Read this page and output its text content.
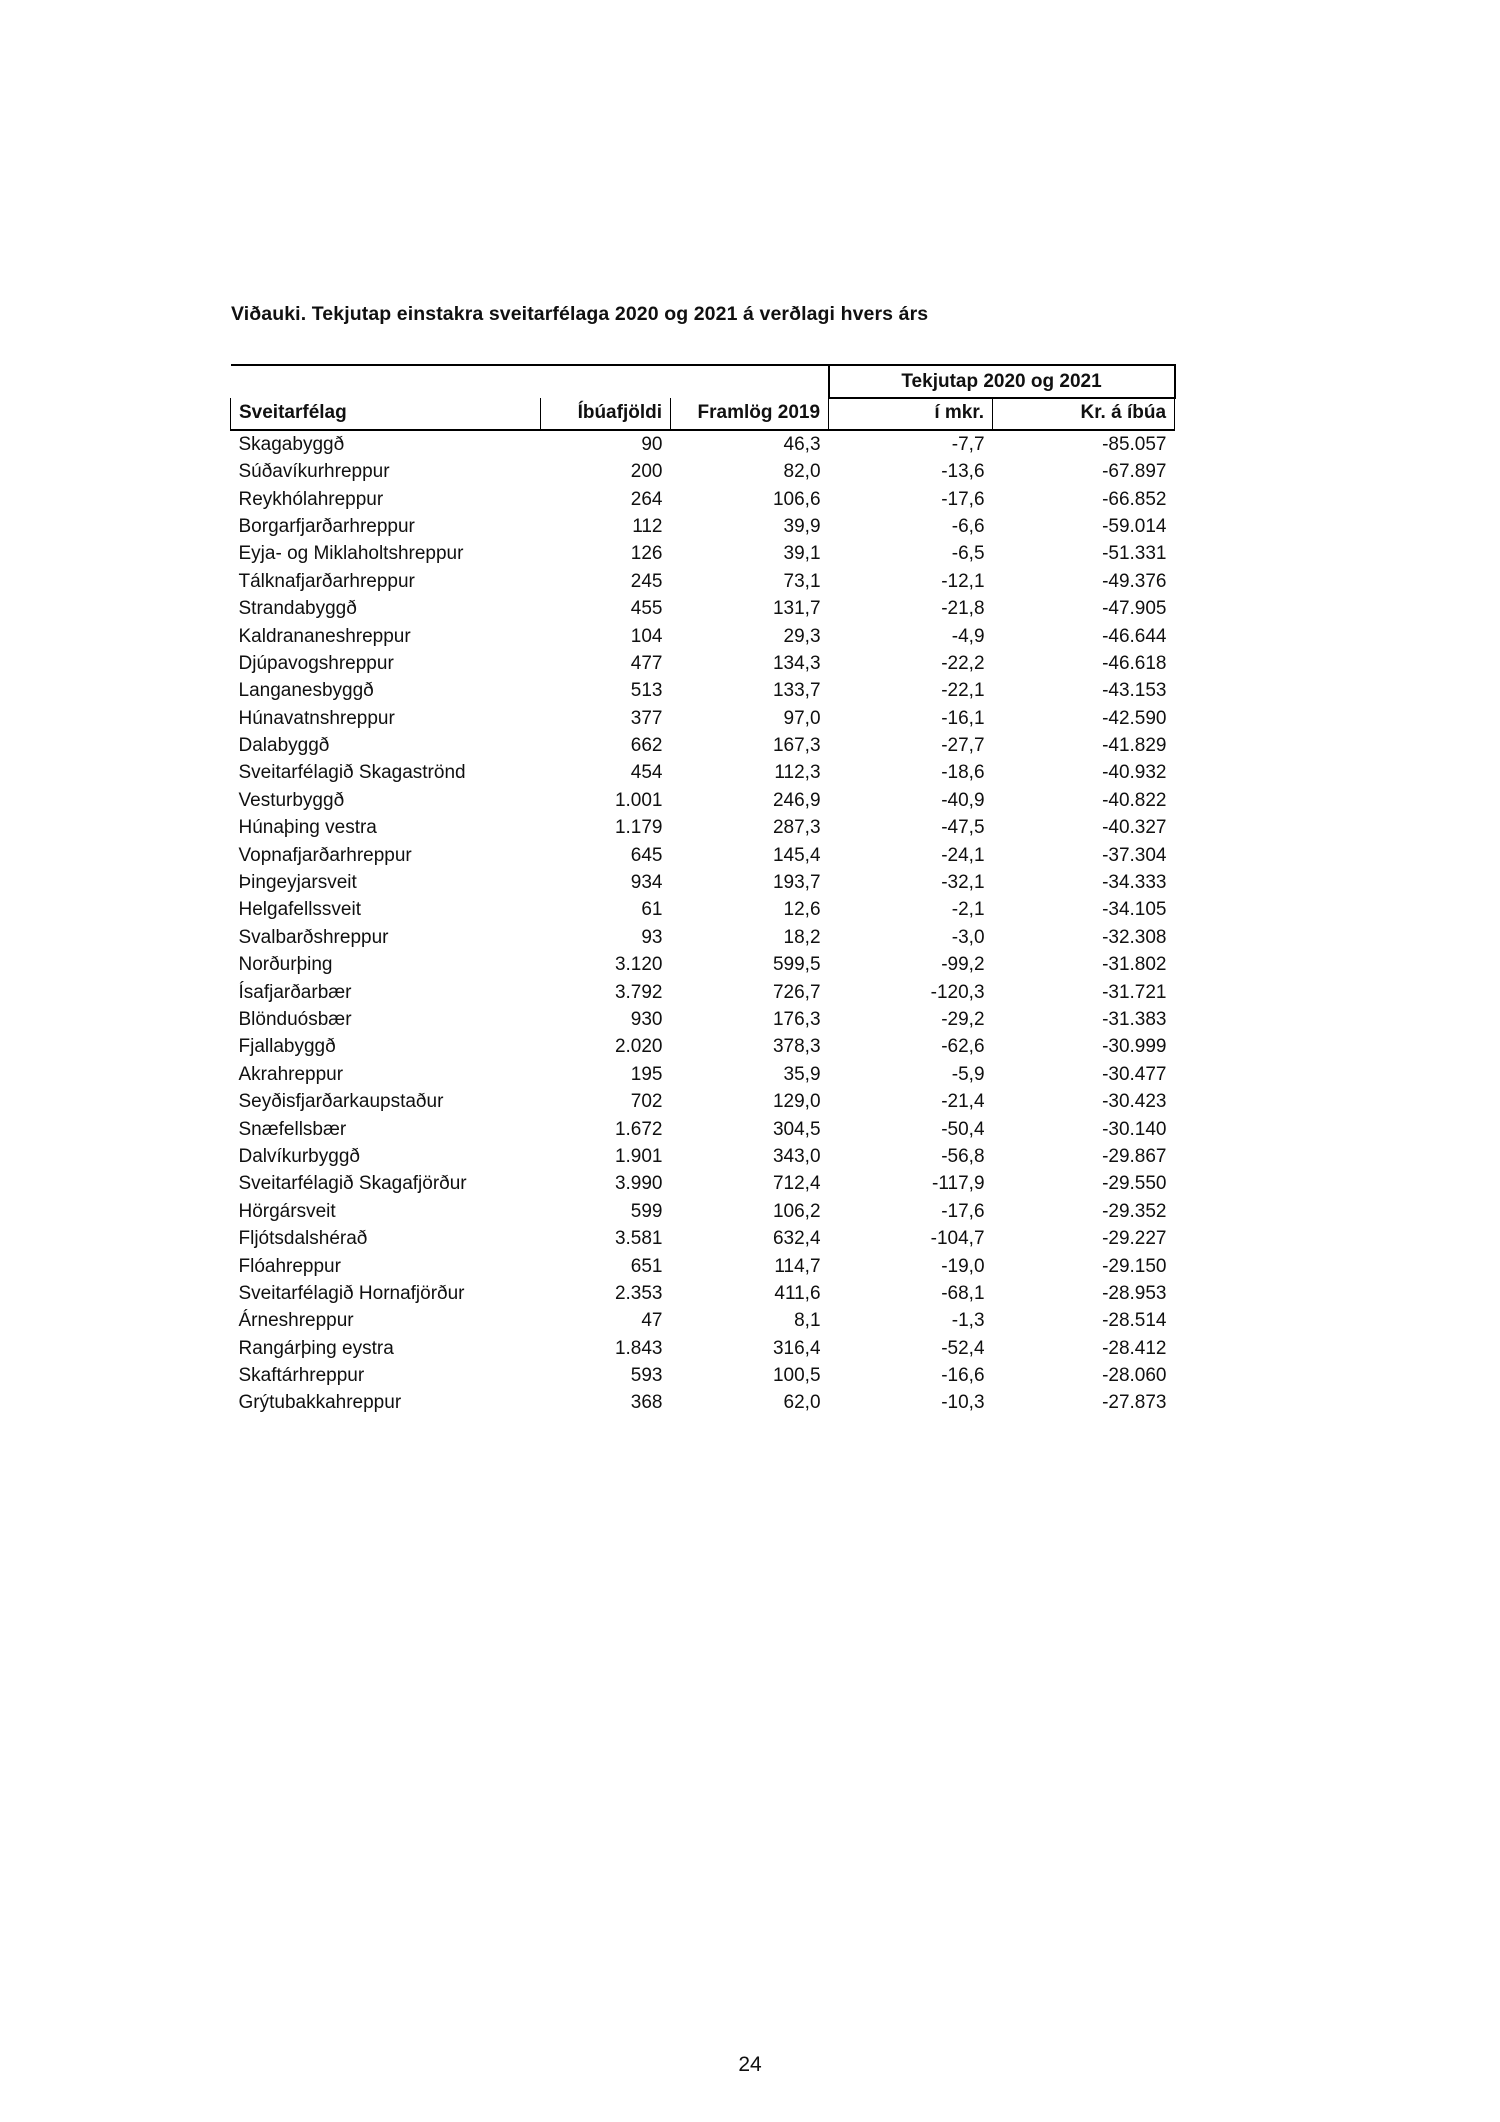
Viðauki. Tekjutap einstakra sveitarfélaga 2020 og 2021 á verðlagi hvers árs
			Tekjutap 2020 og 2021	
Sveitarfélag	Íbúafjöldi	Framlög 2019	í mkr.	Kr. á íbúa
Skagabyggð	90	46,3	-7,7	-85.057
Súðavíkurhreppur	200	82,0	-13,6	-67.897
Reykhólahreppur	264	106,6	-17,6	-66.852
Borgarfjarðarhreppur	112	39,9	-6,6	-59.014
Eyja- og Miklaholtshreppur	126	39,1	-6,5	-51.331
Tálknafjarðarhreppur	245	73,1	-12,1	-49.376
Strandabyggð	455	131,7	-21,8	-47.905
Kaldrananeshreppur	104	29,3	-4,9	-46.644
Djúpavogshreppur	477	134,3	-22,2	-46.618
Langanesbyggð	513	133,7	-22,1	-43.153
Húnavatnshreppur	377	97,0	-16,1	-42.590
Dalabyggð	662	167,3	-27,7	-41.829
Sveitarfélagið Skagaströnd	454	112,3	-18,6	-40.932
Vesturbyggð	1.001	246,9	-40,9	-40.822
Húnaþing vestra	1.179	287,3	-47,5	-40.327
Vopnafjarðarhreppur	645	145,4	-24,1	-37.304
Þingeyjarsveit	934	193,7	-32,1	-34.333
Helgafellssveit	61	12,6	-2,1	-34.105
Svalbarðshreppur	93	18,2	-3,0	-32.308
Norðurþing	3.120	599,5	-99,2	-31.802
Ísafjarðarbær	3.792	726,7	-120,3	-31.721
Blönduósbær	930	176,3	-29,2	-31.383
Fjallabyggð	2.020	378,3	-62,6	-30.999
Akrahreppur	195	35,9	-5,9	-30.477
Seyðisfjarðarkaupstaður	702	129,0	-21,4	-30.423
Snæfellsbær	1.672	304,5	-50,4	-30.140
Dalvíkurbyggð	1.901	343,0	-56,8	-29.867
Sveitarfélagið Skagafjörður	3.990	712,4	-117,9	-29.550
Hörgársveit	599	106,2	-17,6	-29.352
Fljótsdalshérað	3.581	632,4	-104,7	-29.227
Flóahreppur	651	114,7	-19,0	-29.150
Sveitarfélagið Hornafjörður	2.353	411,6	-68,1	-28.953
Árneshreppur	47	8,1	-1,3	-28.514
Rangárþing eystra	1.843	316,4	-52,4	-28.412
Skaftárhreppur	593	100,5	-16,6	-28.060
Grýtubakkahreppur	368	62,0	-10,3	-27.873
24
